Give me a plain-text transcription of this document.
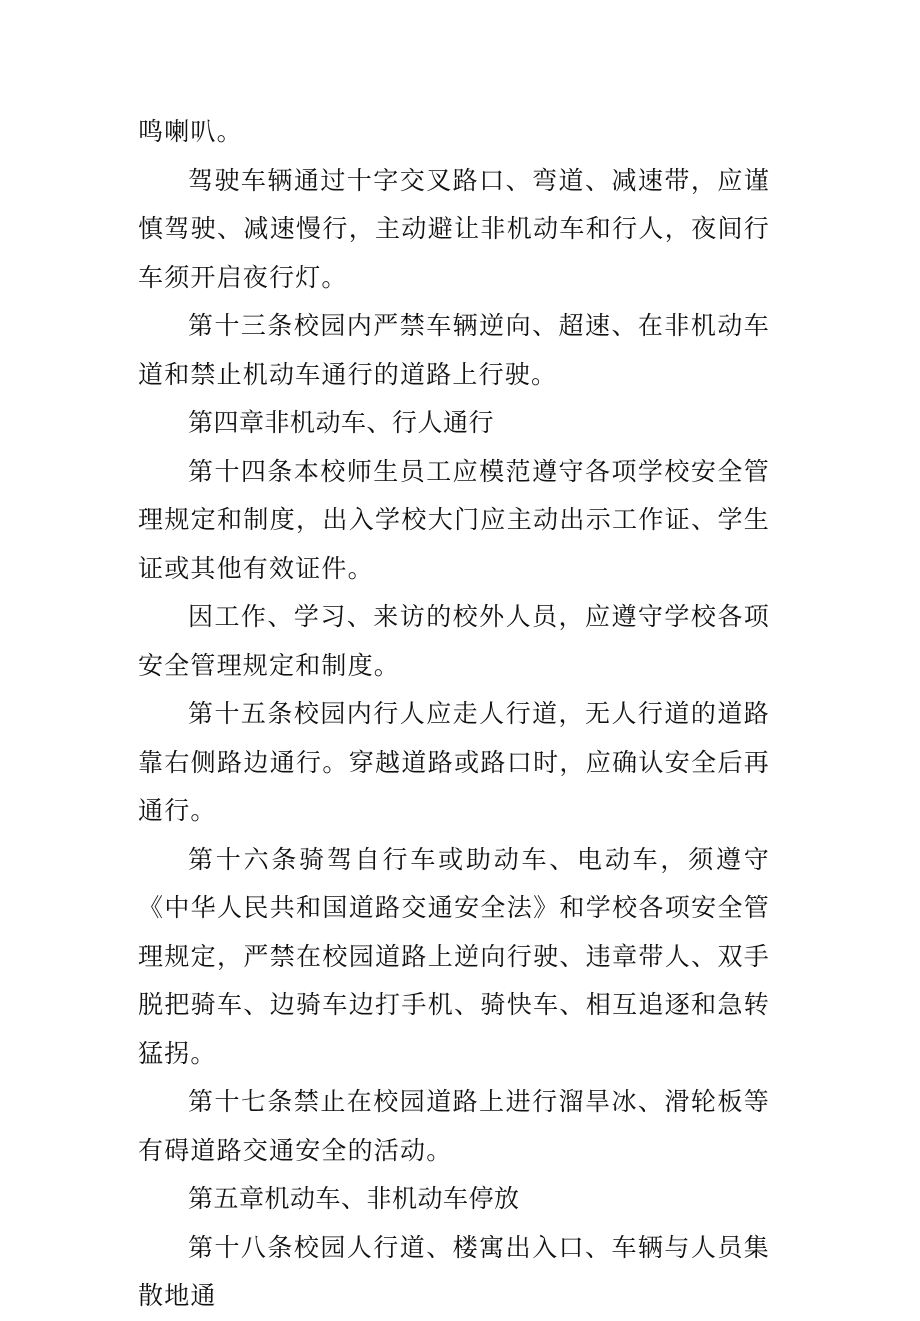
鸣喇叭。

驾驶车辆通过十字交叉路口、弯道、减速带，应谨慎驾驶、减速慢行，主动避让非机动车和行人，夜间行车须开启夜行灯。

第十三条校园内严禁车辆逆向、超速、在非机动车道和禁止机动车通行的道路上行驶。

第四章非机动车、行人通行

第十四条本校师生员工应模范遵守各项学校安全管理规定和制度，出入学校大门应主动出示工作证、学生证或其他有效证件。

因工作、学习、来访的校外人员，应遵守学校各项安全管理规定和制度。

第十五条校园内行人应走人行道，无人行道的道路靠右侧路边通行。穿越道路或路口时，应确认安全后再通行。

第十六条骑驾自行车或助动车、电动车，须遵守《中华人民共和国道路交通安全法》和学校各项安全管理规定，严禁在校园道路上逆向行驶、违章带人、双手脱把骑车、边骑车边打手机、骑快车、相互追逐和急转猛拐。

第十七条禁止在校园道路上进行溜旱冰、滑轮板等有碍道路交通安全的活动。

第五章机动车、非机动车停放

第十八条校园人行道、楼寓出入口、车辆与人员集散地通
